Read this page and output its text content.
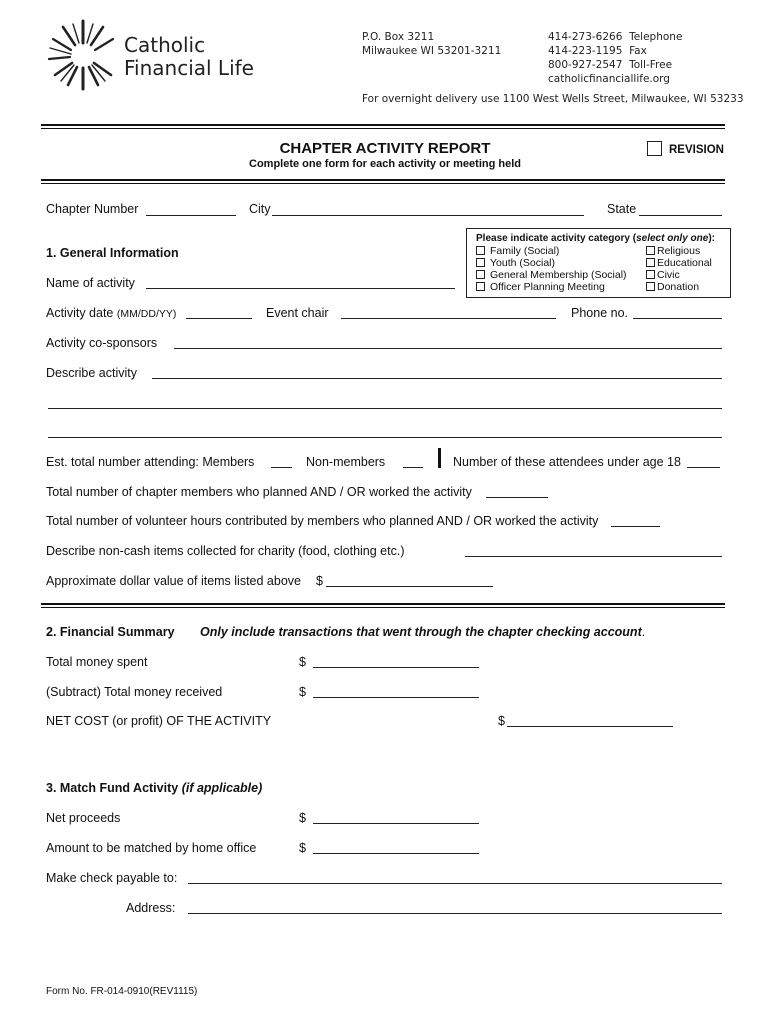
Catholic
Financial Life
P.O. Box 3211
Milwaukee WI 53201-3211
414-273-6266 Telephone
414-223-1195 Fax
800-927-2547 Toll-Free
catholicfinanciallife.org
For overnight delivery use 1100 West Wells Street, Milwaukee, WI 53233
CHAPTER ACTIVITY REPORT
Complete one form for each activity or meeting held
REVISION
Chapter Number	City	State
Please indicate activity category (select only one):
Family (Social)
Youth (Social)
General Membership (Social)
Officer Planning Meeting
Religious
Educational
Civic
Donation
1. General Information
Name of activity
Activity date (MM/DD/YY)	Event chair	Phone no.
Activity co-sponsors
Describe activity
Est. total number attending: Members	Non-members	Number of these attendees under age 18
Total number of chapter members who planned AND / OR worked the activity
Total number of volunteer hours contributed by members who planned AND / OR worked the activity
Describe non-cash items collected for charity (food, clothing etc.)
Approximate dollar value of items listed above $
2. Financial Summary Only include transactions that went through the chapter checking account.
Total money spent	$
(Subtract) Total money received	$
NET COST (or profit) OF THE ACTIVITY	$
3. Match Fund Activity (if applicable)
Net proceeds	$
Amount to be matched by home office	$
Make check payable to:
Address:
Form No. FR-014-0910(REV1115)
